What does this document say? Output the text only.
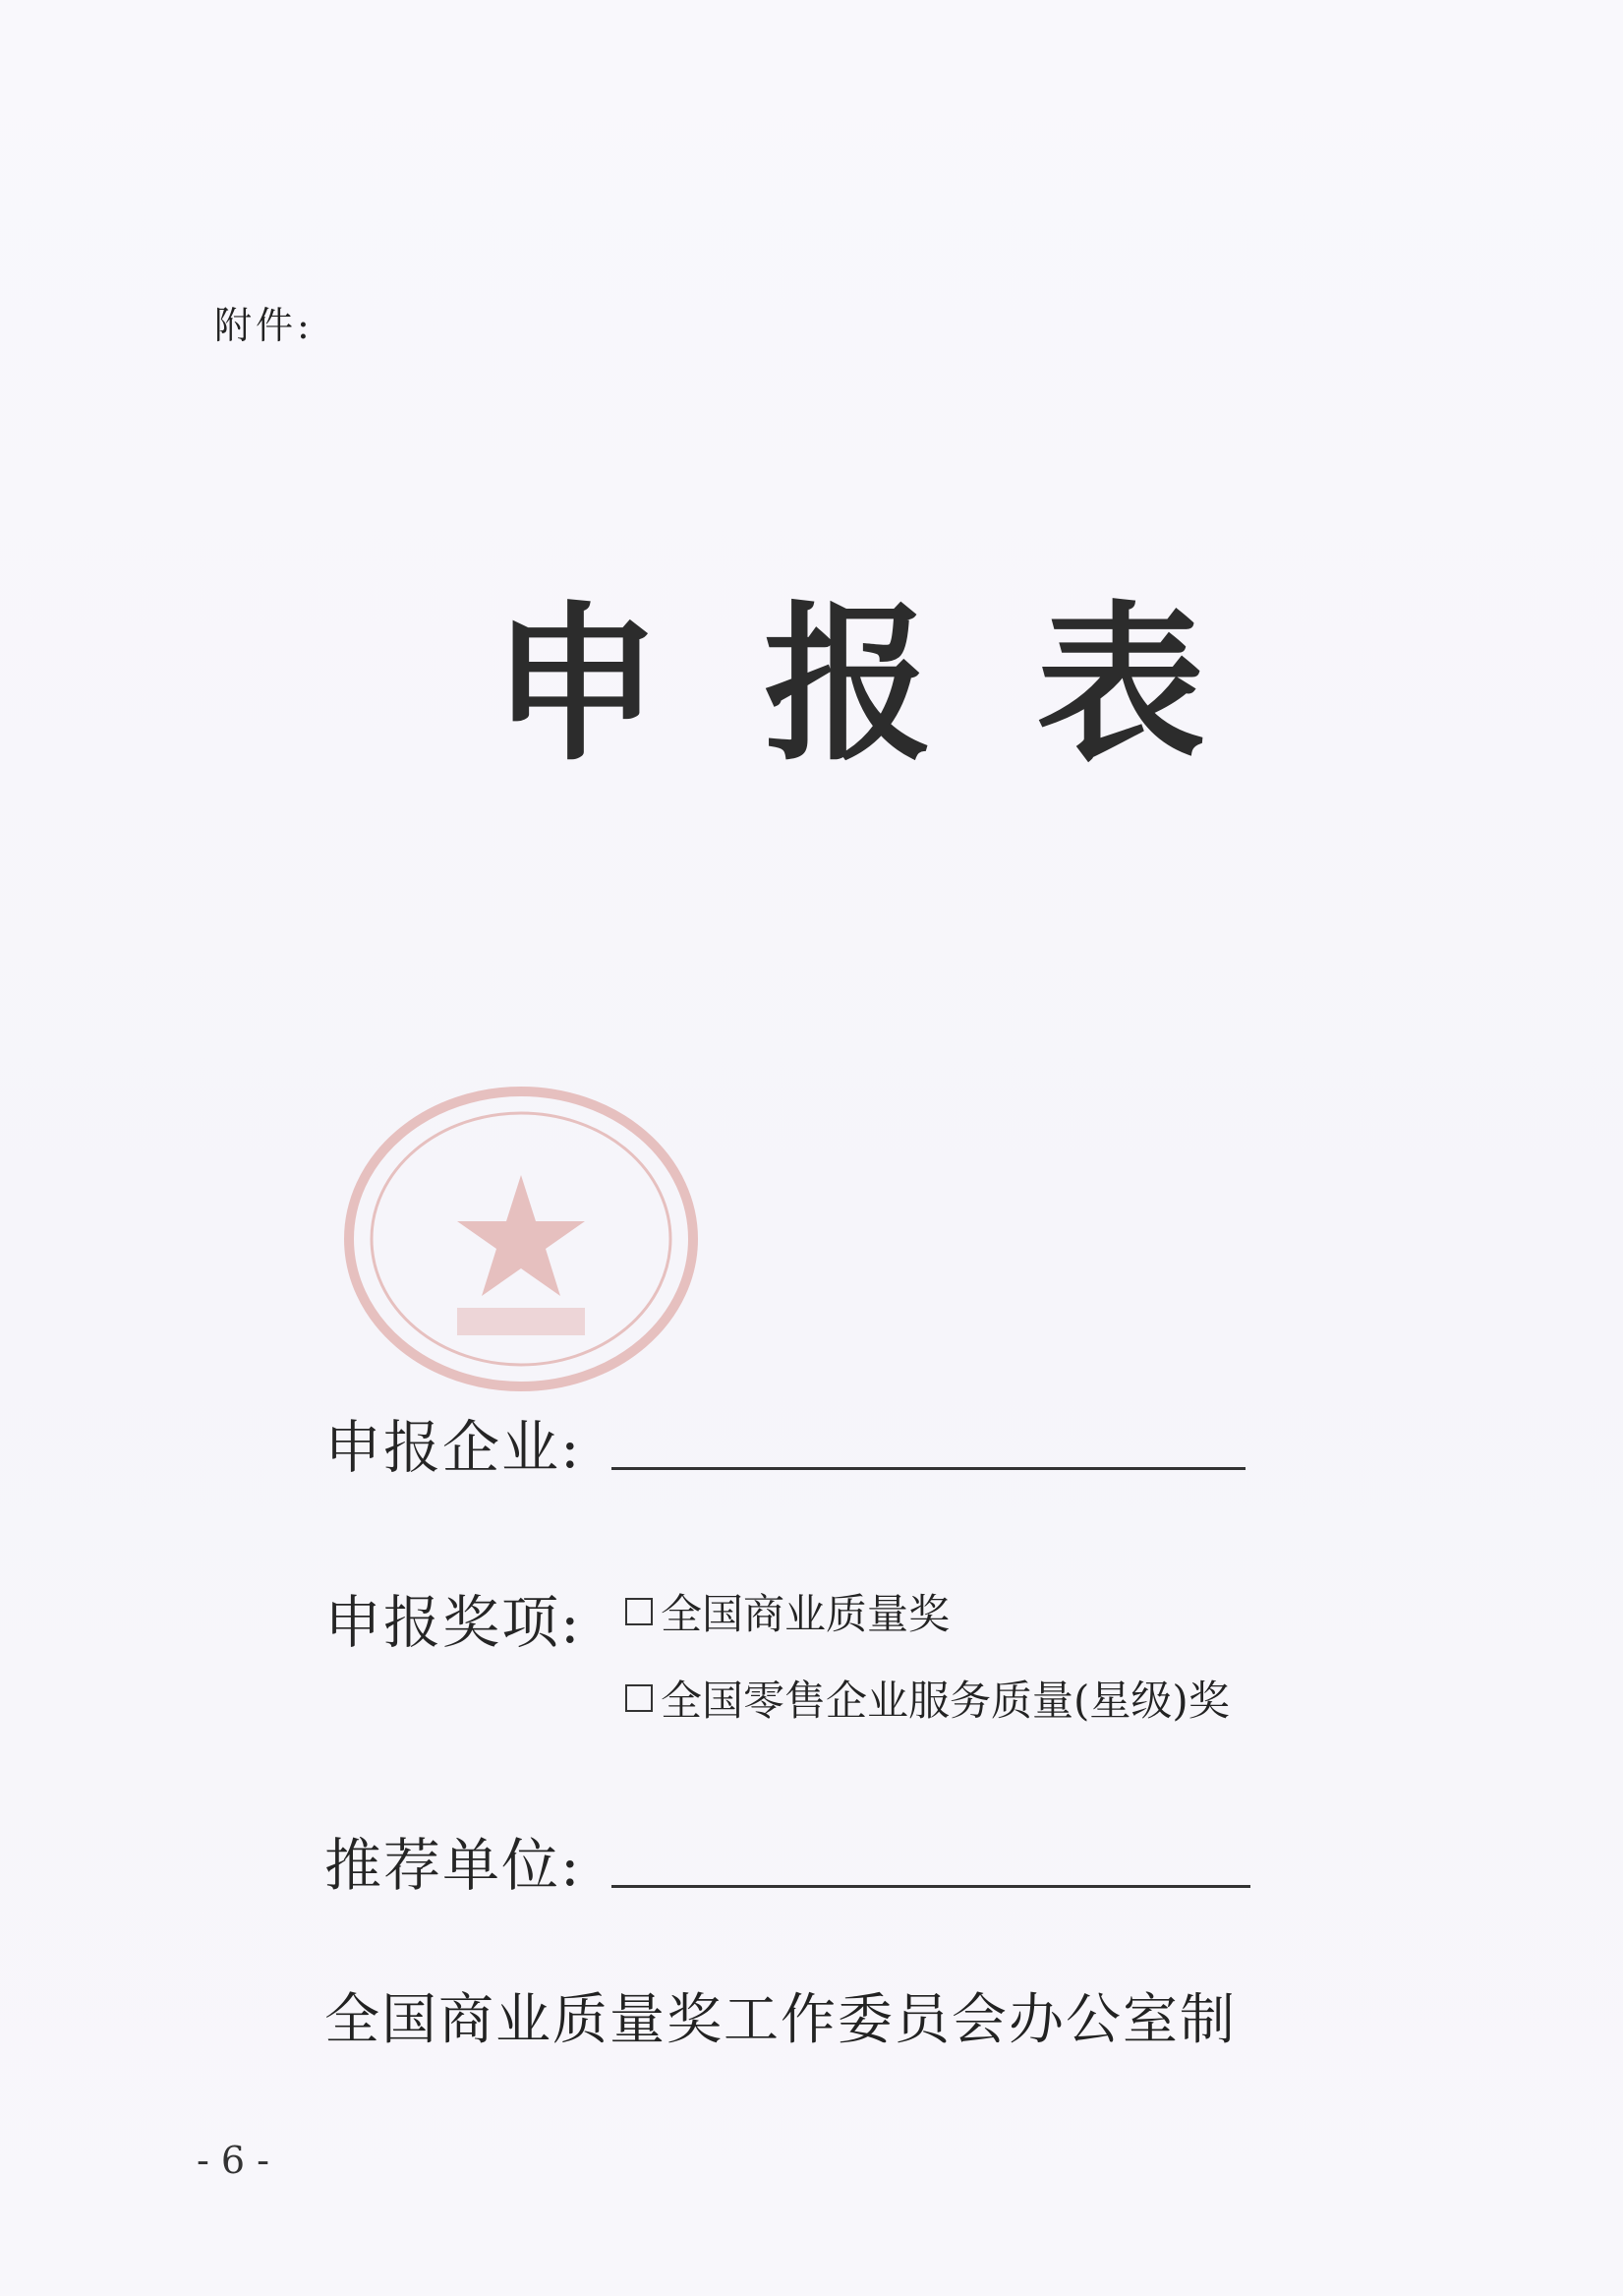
附件:
申报表
申报企业:
申报奖项: 全国商业质量奖
全国零售企业服务质量(星级)奖
推荐单位:
全国商业质量奖工作委员会办公室制
- 6 -
